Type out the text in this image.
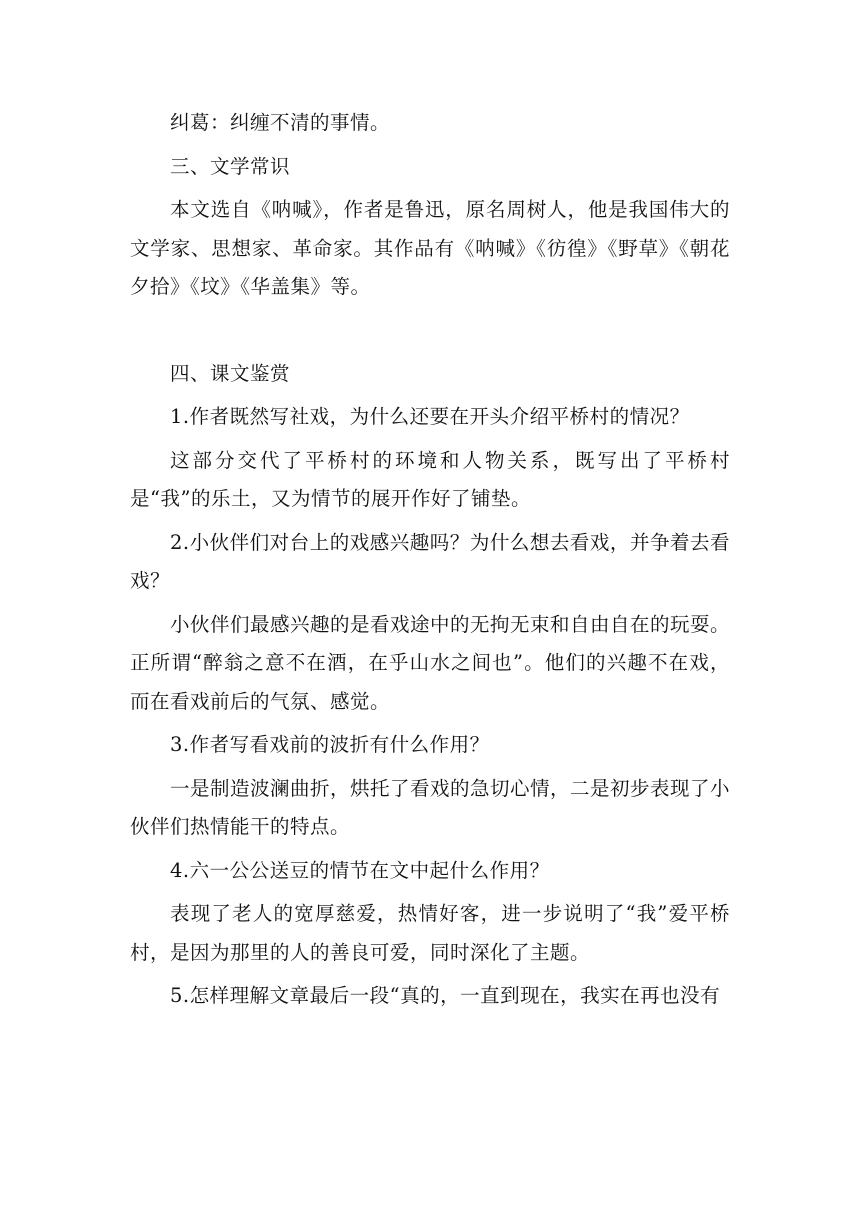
纠葛：纠缠不清的事情。

三、文学常识

本文选自《呐喊》，作者是鲁迅，原名周树人，他是我国伟大的文学家、思想家、革命家。其作品有《呐喊》《彷徨》《野草》《朝花夕拾》《坟》《华盖集》等。

四、课文鉴赏

1.作者既然写社戏，为什么还要在开头介绍平桥村的情况？

这部分交代了平桥村的环境和人物关系，既写出了平桥村是“我”的乐土，又为情节的展开作好了铺垫。

2.小伙伴们对台上的戏感兴趣吗？为什么想去看戏，并争着去看戏？

小伙伴们最感兴趣的是看戏途中的无拘无束和自由自在的玩耍。正所谓“醉翁之意不在酒，在乎山水之间也”。他们的兴趣不在戏，而在看戏前后的气氛、感觉。

3.作者写看戏前的波折有什么作用？

一是制造波澜曲折，烘托了看戏的急切心情，二是初步表现了小伙伴们热情能干的特点。

4.六一公公送豆的情节在文中起什么作用？

表现了老人的宽厚慈爱，热情好客，进一步说明了“我”爱平桥村，是因为那里的人的善良可爱，同时深化了主题。

5.怎样理解文章最后一段“真的，一直到现在，我实在再也没有
